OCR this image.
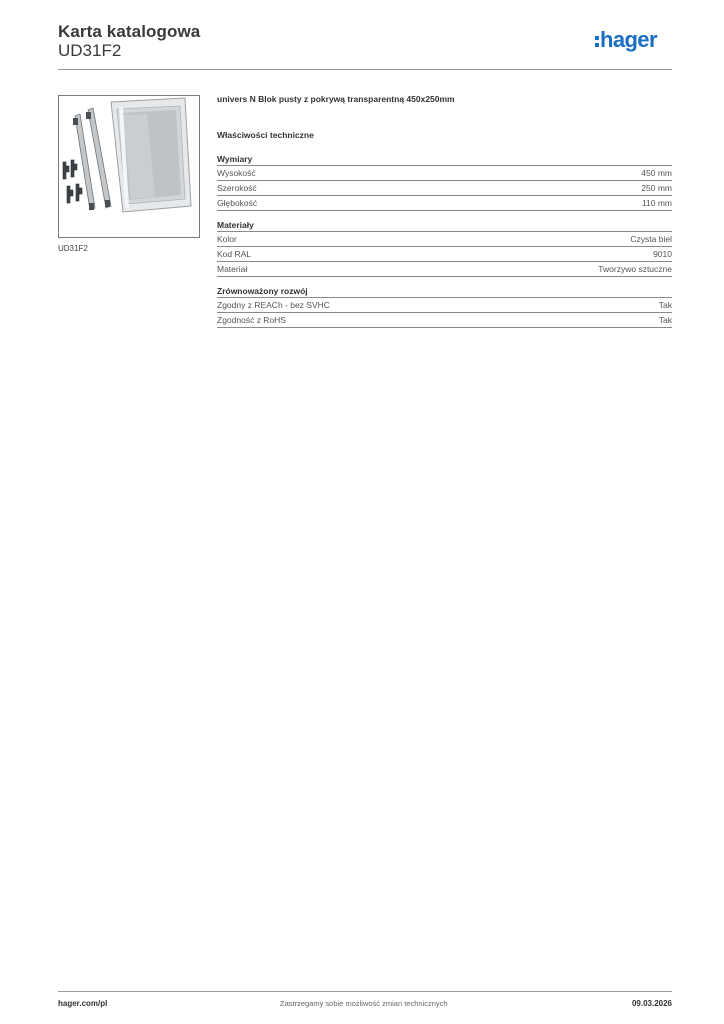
Karta katalogowa
UD31F2	hager
UD31F2
univers N Blok pusty z pokrywą transparentną 450x250mm
Właściwości techniczne
Wymiary
Wysokość	450 mm
Szerokość	250 mm
Głębokość	110 mm
Materiały
Kolor	Czysta biel
Kod RAL	9010
Materiał	Tworzywo sztuczne
Zrównoważony rozwój
Zgodny z REACh - bez SVHC	Tak
Zgodność z RoHS	Tak
hager.com/pl	Zastrzegamy sobie możliwość zmian technicznych	09.03.2026
